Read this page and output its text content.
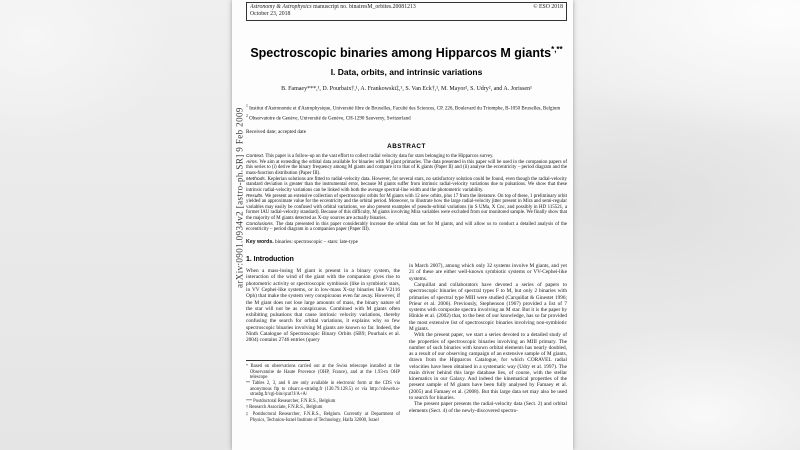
arXiv:0901.0934v2 [astro-ph.SR] 9 Feb 2009
Astronomy & Astrophysics manuscript no. binairesM_orbites.20081213	© ESO 2018
October 23, 2018
Spectroscopic binaries among Hipparcos M giants*,**
I. Data, orbits, and intrinsic variations
B. Famaey***,¹, D. Pourbaix†,¹, A. Frankowski‡,¹, S. Van Eck†,¹, M. Mayor², S. Udry², and A. Jorissen¹
$^1$ Institut d'Astronomie et d'Astrophysique, Université libre de Bruxelles, Faculté des Sciences, CP. 226, Boulevard du Triomphe, B-1050 Bruxelles, Belgium
$^2$ Observatoire de Genève, Université de Genève, CH-1290 Sauverny, Switzerland
Received date; accepted date
ABSTRACT
Context. This paper is a follow-up on the vast effort to collect radial velocity data for stars belonging to the Hipparcos survey.
Aims. We aim at extending the orbital data available for binaries with M giant primaries. The data presented in this paper will be used in the companion papers of this series to (i) derive the binary frequency among M giants and compare it to that of K giants (Paper II) and (ii) analyse the eccentricity – period diagram and the mass-function distribution (Paper III).
Methods. Keplerian solutions are fitted to radial-velocity data. However, for several stars, no satisfactory solution could be found, even though the radial-velocity standard deviation is greater than the instrumental error, because M giants suffer from intrinsic radial-velocity variations due to pulsations. We show that these intrinsic radial-velocity variations can be linked with both the average spectral-line width and the photometric variability.
Results. We present an extensive collection of spectroscopic orbits for M giants with 12 new orbits, plus 17 from the literature. On top of these, 1 preliminary orbit yielded an approximate value for the eccentricity and the orbital period. Moreover, to illustrate how the large radial-velocity jitter present in Mira and semi-regular variables may easily be confused with orbital variations, we also present examples of pseudo-orbital variations (in S UMa, X Cnc, and possibly in HD 115521, a former IAU radial-velocity standard). Because of this difficulty, M giants involving Mira variables were excluded from our monitored sample. We finally show that the majority of M giants detected as X-ray sources are actually binaries.
Conclusions. The data presented in this paper considerably increase the orbital data set for M giants, and will allow us to conduct a detailed analysis of the eccentricity – period diagram in a companion paper (Paper III).
Key words. binaries: spectroscopic – stars: late-type
1. Introduction

When a mass-losing M giant is present in a binary system, the interaction of the wind of the giant with the companion gives rise to photometric activity or spectroscopic symbiosis (like in symbiotic stars, in VV Cephei-like systems, or in low-mass X-ray binaries like V2116 Oph) that make the system very conspicuous even far away. However, if the M giant does not lose large amounts of mass, the binary nature of the star will not be as conspicuous. Combined with M giants often exhibiting pulsations that cause intrinsic velocity variations, thereby confusing the search for orbital variations, it explains why so few spectroscopic binaries involving M giants are known so far. Indeed, the Ninth Catalogue of Spectroscopic Binary Orbits (SB9; Pourbaix et al. 2004) contains 2746 entries (query

* Based on observations carried out at the Swiss telescope installed at the Observatoire de Haute Provence (OHP, France), and at the 1.93-m OHP telescope

** Tables 2, 3, and 6 are only available in electronic form at the CDS via anonymous ftp to cdsarc.u-strasbg.fr (130.79.128.5) or via http://cdsweb.u-strasbg.fr/cgi-bin/qcat?J/A+A/

*** Postdoctoral Researcher, F.N.R.S., Belgium

† Research Associate, F.N.R.S., Belgium

‡ Postdoctoral Researcher, F.N.R.S., Belgium. Currently at Department of Physics, Technion-Israel Institute of Technology, Haifa 32000, Israel

in March 2007), among which only 32 systems involve M giants, and yet 21 of these are either well-known symbiotic systems or VV-Cephei-like systems.

Carquillat and collaborators have devoted a series of papers to spectroscopic binaries of spectral types F to M, but only 2 binaries with primaries of spectral type MIII were studied (Carquillat & Ginestet 1996; Prieur et al. 2006). Previously, Stephenson (1967) provided a list of 7 systems with composite spectra involving an M star. But it is the paper by Hinkle et al. (2002) that, to the best of our knowledge, has so far provided the most extensive list of spectroscopic binaries involving non-symbiotic M giants.

With the present paper, we start a series devoted to a detailed study of the properties of spectroscopic binaries involving an MIII primary. The number of such binaries with known orbital elements has nearly doubled, as a result of our observing campaign of an extensive sample of M giants, drawn from the Hipparcos Catalogue, for which CORAVEL radial velocities have been obtained in a systematic way (Udry et al. 1997). The main driver behind this large database lies, of course, with the stellar kinematics in our Galaxy. And indeed the kinematical properties of the present sample of M giants have been fully analysed by Famaey et al. (2005) and Famaey et al. (2008). But this large data set may also be used to search for binaries.

The present paper presents the radial-velocity data (Sect. 2) and orbital elements (Sect. 4) of the newly-discovered spectro-
